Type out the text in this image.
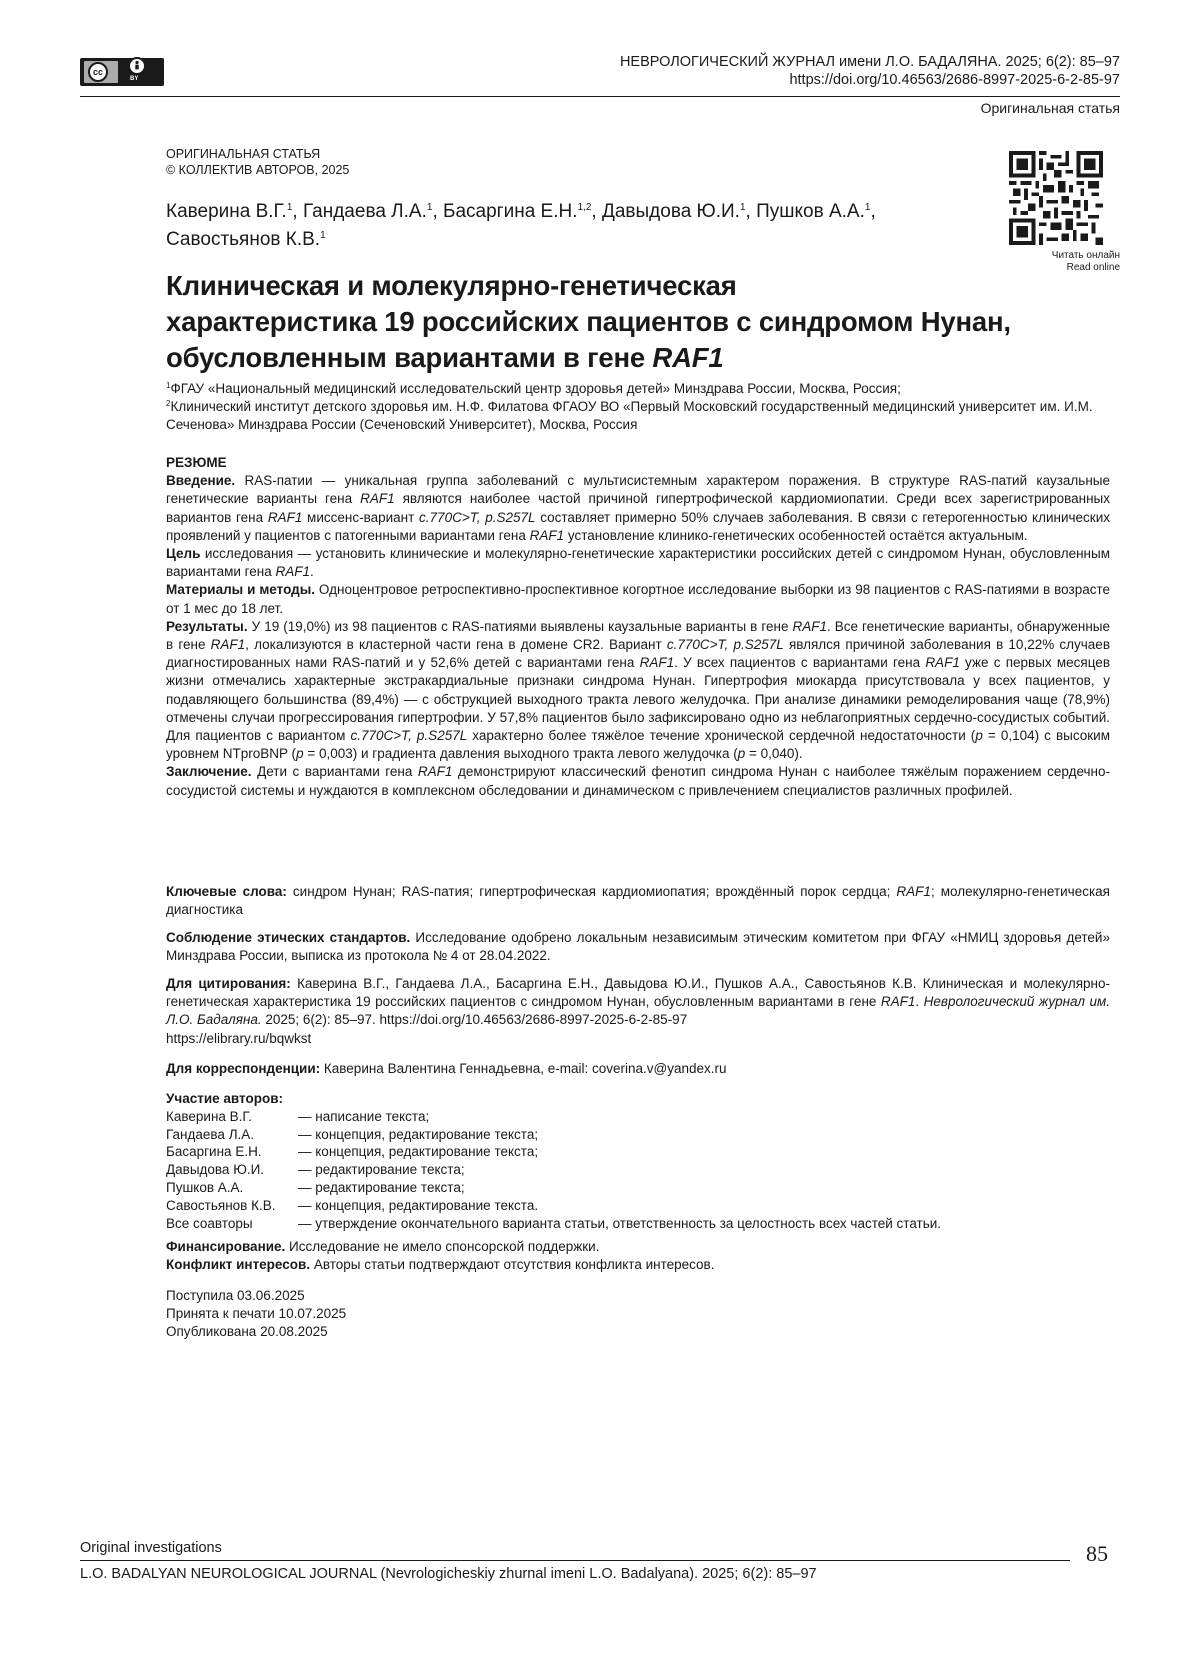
cc
BY
НЕВРОЛОГИЧЕСКИЙ ЖУРНАЛ имени Л.О. БАДАЛЯНА. 2025; 6(2): 85–97
https://doi.org/10.46563/2686-8997-2025-6-2-85-97
Оригинальная статья
ОРИГИНАЛЬНАЯ СТАТЬЯ
© КОЛЛЕКТИВ АВТОРОВ, 2025
Читать онлайн
Read online
Каверина В.Г.$^1$, Гандаева Л.А.$^1$, Басаргина Е.Н.$^{1,2}$, Давыдова Ю.И.$^1$, Пушков А.А.$^1$,
Савостьянов К.В.$^1$
Клиническая и молекулярно-генетическая
характеристика 19 российских пациентов с синдромом Нунан,
обусловленным вариантами в гене RAF1
$^1$ФГАУ «Национальный медицинский исследовательский центр здоровья детей» Минздрава России, Москва, Россия;
$^2$Клинический институт детского здоровья им. Н.Ф. Филатова ФГАОУ ВО «Первый Московский государственный медицинский университет им. И.М. Сеченова» Минздрава России (Сеченовский Университет), Москва, Россия
РЕЗЮМЕ
Введение. RAS-патии — уникальная группа заболеваний с мультисистемным характером поражения. В структуре RAS-патий каузальные генетические варианты гена RAF1 являются наиболее частой причиной гипертрофической кардиомиопатии. Среди всех зарегистрированных вариантов гена RAF1 миссенс-вариант c.770C>T, p.S257L составляет примерно 50% случаев заболевания. В связи с гетерогенностью клинических проявлений у пациентов с патогенными вариантами гена RAF1 установление клинико-генетических особенностей остаётся актуальным.
Цель исследования — установить клинические и молекулярно-генетические характеристики российских детей с синдромом Нунан, обусловленным вариантами гена RAF1.
Материалы и методы. Одноцентровое ретроспективно-проспективное когортное исследование выборки из 98 пациентов с RAS-патиями в возрасте от 1 мес до 18 лет.
Результаты. У 19 (19,0%) из 98 пациентов с RAS-патиями выявлены каузальные варианты в гене RAF1. Все генетические варианты, обнаруженные в гене RAF1, локализуются в кластерной части гена в домене CR2. Вариант c.770C>T, p.S257L являлся причиной заболевания в 10,22% случаев диагностированных нами RAS-патий и у 52,6% детей с вариантами гена RAF1. У всех пациентов с вариантами гена RAF1 уже с первых месяцев жизни отмечались характерные экстракардиальные признаки синдрома Нунан. Гипертрофия миокарда присутствовала у всех пациентов, у подавляющего большинства (89,4%) — с обструкцией выходного тракта левого желудочка. При анализе динамики ремоделирования чаще (78,9%) отмечены случаи прогрессирования гипертрофии. У 57,8% пациентов было зафиксировано одно из неблагоприятных сердечно-сосудистых событий. Для пациентов с вариантом c.770C>T, p.S257L характерно более тяжёлое течение хронической сердечной недостаточности (p = 0,104) с высоким уровнем NTproBNP (p = 0,003) и градиента давления выходного тракта левого желудочка (p = 0,040).
Заключение. Дети с вариантами гена RAF1 демонстрируют классический фенотип синдрома Нунан с наиболее тяжёлым поражением сердечно-сосудистой системы и нуждаются в комплексном обследовании и динамическом с привлечением специалистов различных профилей.
Ключевые слова: синдром Нунан; RAS-патия; гипертрофическая кардиомиопатия; врождённый порок сердца; RAF1; молекулярно-генетическая диагностика
Соблюдение этических стандартов. Исследование одобрено локальным независимым этическим комитетом при ФГАУ «НМИЦ здоровья детей» Минздрава России, выписка из протокола № 4 от 28.04.2022.
Для цитирования: Каверина В.Г., Гандаева Л.А., Басаргина Е.Н., Давыдова Ю.И., Пушков А.А., Савостьянов К.В. Клиническая и молекулярно-генетическая характеристика 19 российских пациентов с синдромом Нунан, обусловленным вариантами в гене RAF1. Неврологический журнал им. Л.О. Бадаляна. 2025; 6(2): 85–97. https://doi.org/10.46563/2686-8997-2025-6-2-85-97
https://elibrary.ru/bqwkst
Для корреспонденции: Каверина Валентина Геннадьевна, e-mail: coverina.v@yandex.ru
Участие авторов:
Каверина В.Г.	— написание текста;
Гандаева Л.А.	— концепция, редактирование текста;
Басаргина Е.Н.	— концепция, редактирование текста;
Давыдова Ю.И.	— редактирование текста;
Пушков А.А.	— редактирование текста;
Савостьянов К.В.	— концепция, редактирование текста.
Все соавторы	— утверждение окончательного варианта статьи, ответственность за целостность всех частей статьи.
Финансирование. Исследование не имело спонсорской поддержки.
Конфликт интересов. Авторы статьи подтверждают отсутствия конфликта интересов.
Поступила 03.06.2025
Принята к печати 10.07.2025
Опубликована 20.08.2025
Original investigations
L.O. BADALYAN NEUROLOGICAL JOURNAL (Nevrologicheskiy zhurnal imeni L.O. Badalyana). 2025; 6(2): 85–97
85
